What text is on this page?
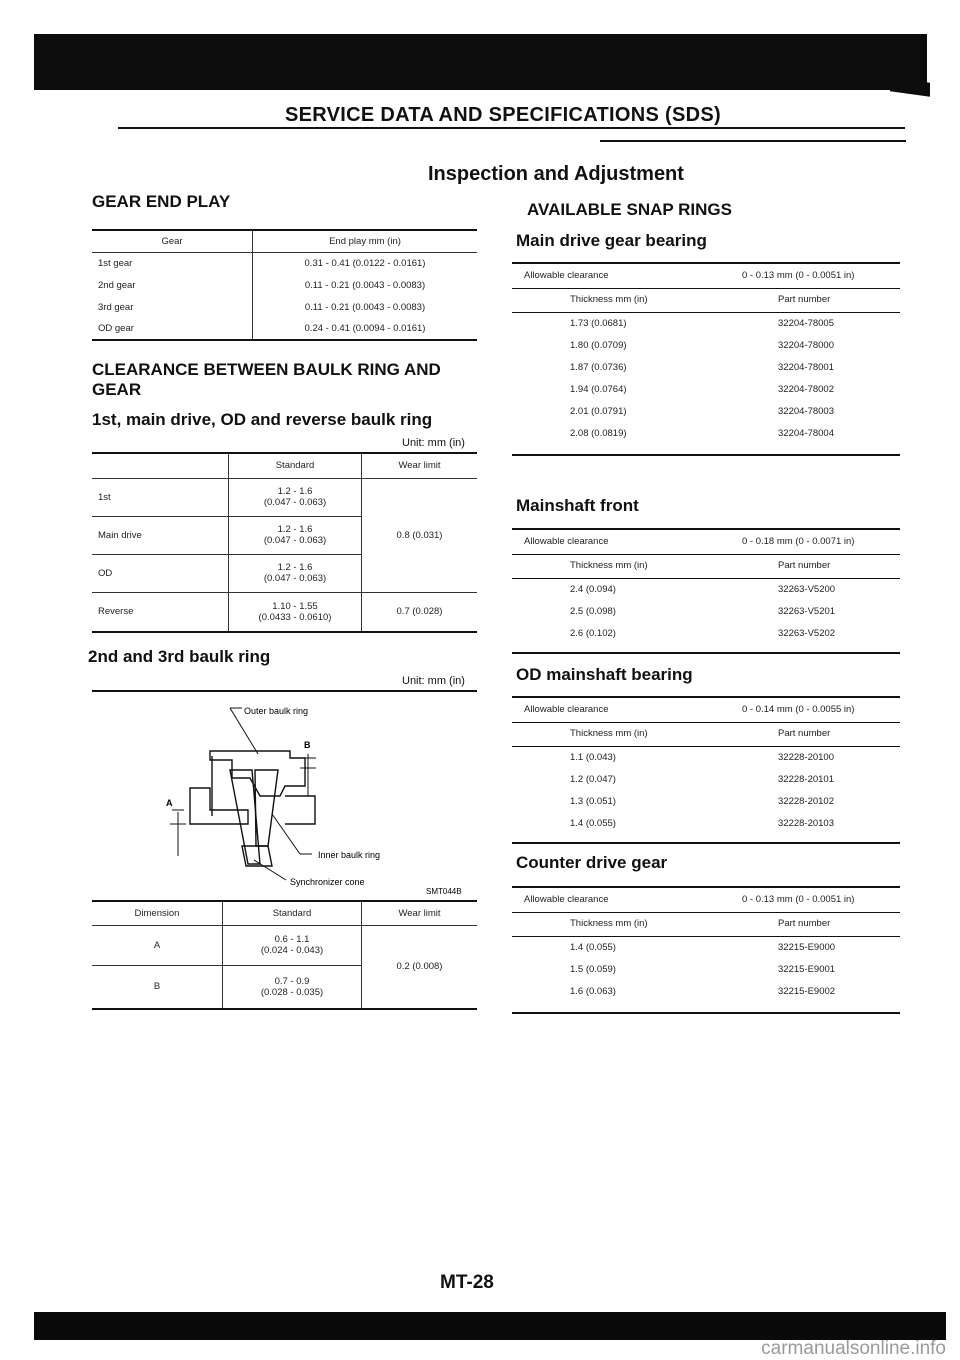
carmanualsonline.info
SERVICE DATA AND SPECIFICATIONS (SDS)
Inspection and Adjustment
GEAR END PLAY
Gear	End play mm (in)
1st gear	0.31 - 0.41 (0.0122 - 0.0161)
2nd gear	0.11 - 0.21 (0.0043 - 0.0083)
3rd gear	0.11 - 0.21 (0.0043 - 0.0083)
OD gear	0.24 - 0.41 (0.0094 - 0.0161)
CLEARANCE BETWEEN BAULK RING AND
GEAR
1st, main drive, OD and reverse baulk ring
Unit: mm (in)
	Standard	Wear limit
1st	1.2 - 1.6
(0.047 - 0.063)	0.8 (0.031)
Main drive	1.2 - 1.6
(0.047 - 0.063)	

OD	1.2 - 1.6
(0.047 - 0.063)	

Reverse	1.10 - 1.55
(0.0433 - 0.0610)	0.7 (0.028)
2nd and 3rd baulk ring
Unit: mm (in)
Outer baulk ring
B
A
Inner baulk ring
Synchronizer cone
SMT044B
Dimension	Standard	Wear limit
A	0.6 - 1.1
(0.024 - 0.043)	0.2 (0.008)
B	0.7 - 0.9
(0.028 - 0.035)	
AVAILABLE SNAP RINGS
Main drive gear bearing
Allowable clearance	0 - 0.13 mm (0 - 0.0051 in)
Thickness mm (in)	Part number
1.73 (0.0681)	32204-78005
1.80 (0.0709)	32204-78000
1.87 (0.0736)	32204-78001
1.94 (0.0764)	32204-78002
2.01 (0.0791)	32204-78003
2.08 (0.0819)	32204-78004
Mainshaft front
Allowable clearance	0 - 0.18 mm (0 - 0.0071 in)
Thickness mm (in)	Part number
2.4 (0.094)	32263-V5200
2.5 (0.098)	32263-V5201
2.6 (0.102)	32263-V5202
OD mainshaft bearing
Allowable clearance	0 - 0.14 mm (0 - 0.0055 in)
Thickness mm (in)	Part number
1.1 (0.043)	32228-20100
1.2 (0.047)	32228-20101
1.3 (0.051)	32228-20102
1.4 (0.055)	32228-20103
Counter drive gear
Allowable clearance	0 - 0.13 mm (0 - 0.0051 in)
Thickness mm (in)	Part number
1.4 (0.055)	32215-E9000
1.5 (0.059)	32215-E9001
1.6 (0.063)	32215-E9002
MT-28
